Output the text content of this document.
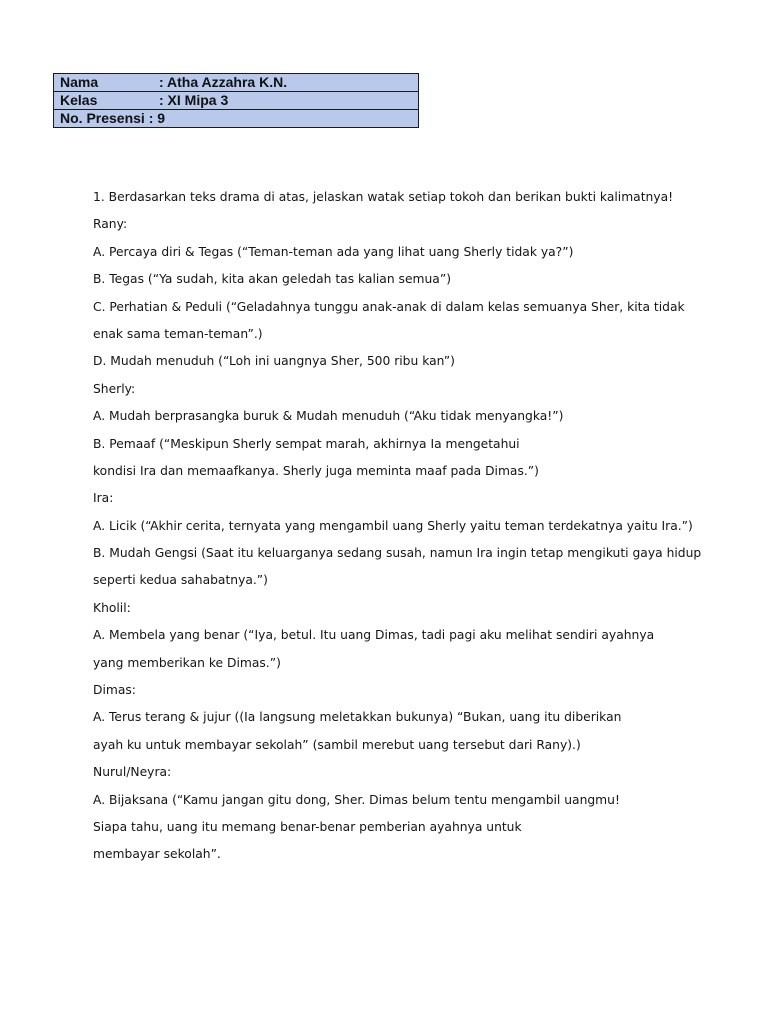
Nama	: Atha Azzahra K.N.
Kelas	: XI Mipa 3
No. Presensi : 9
1. Berdasarkan teks drama di atas, jelaskan watak setiap tokoh dan berikan bukti kalimatnya!
Rany:
A. Percaya diri & Tegas (“Teman-teman ada yang lihat uang Sherly tidak ya?”)
B. Tegas (“Ya sudah, kita akan geledah tas kalian semua”)
C. Perhatian & Peduli (“Geladahnya tunggu anak-anak di dalam kelas semuanya Sher, kita tidak
enak sama teman-teman”.)
D. Mudah menuduh (“Loh ini uangnya Sher, 500 ribu kan”)
Sherly:
A. Mudah berprasangka buruk & Mudah menuduh (“Aku tidak menyangka!”)
B. Pemaaf (“Meskipun Sherly sempat marah, akhirnya Ia mengetahui
kondisi Ira dan memaafkanya. Sherly juga meminta maaf pada Dimas.”)
Ira:
A. Licik (“Akhir cerita, ternyata yang mengambil uang Sherly yaitu teman terdekatnya yaitu Ira.”)
B. Mudah Gengsi (Saat itu keluarganya sedang susah, namun Ira ingin tetap mengikuti gaya hidup
seperti kedua sahabatnya.”)
Kholil:
A. Membela yang benar (“Iya, betul. Itu uang Dimas, tadi pagi aku melihat sendiri ayahnya
yang memberikan ke Dimas.”)
Dimas:
A. Terus terang & jujur ((Ia langsung meletakkan bukunya) “Bukan, uang itu diberikan
ayah ku untuk membayar sekolah” (sambil merebut uang tersebut dari Rany).)
Nurul/Neyra:
A. Bijaksana (“Kamu jangan gitu dong, Sher. Dimas belum tentu mengambil uangmu!
Siapa tahu, uang itu memang benar-benar pemberian ayahnya untuk
membayar sekolah”.
